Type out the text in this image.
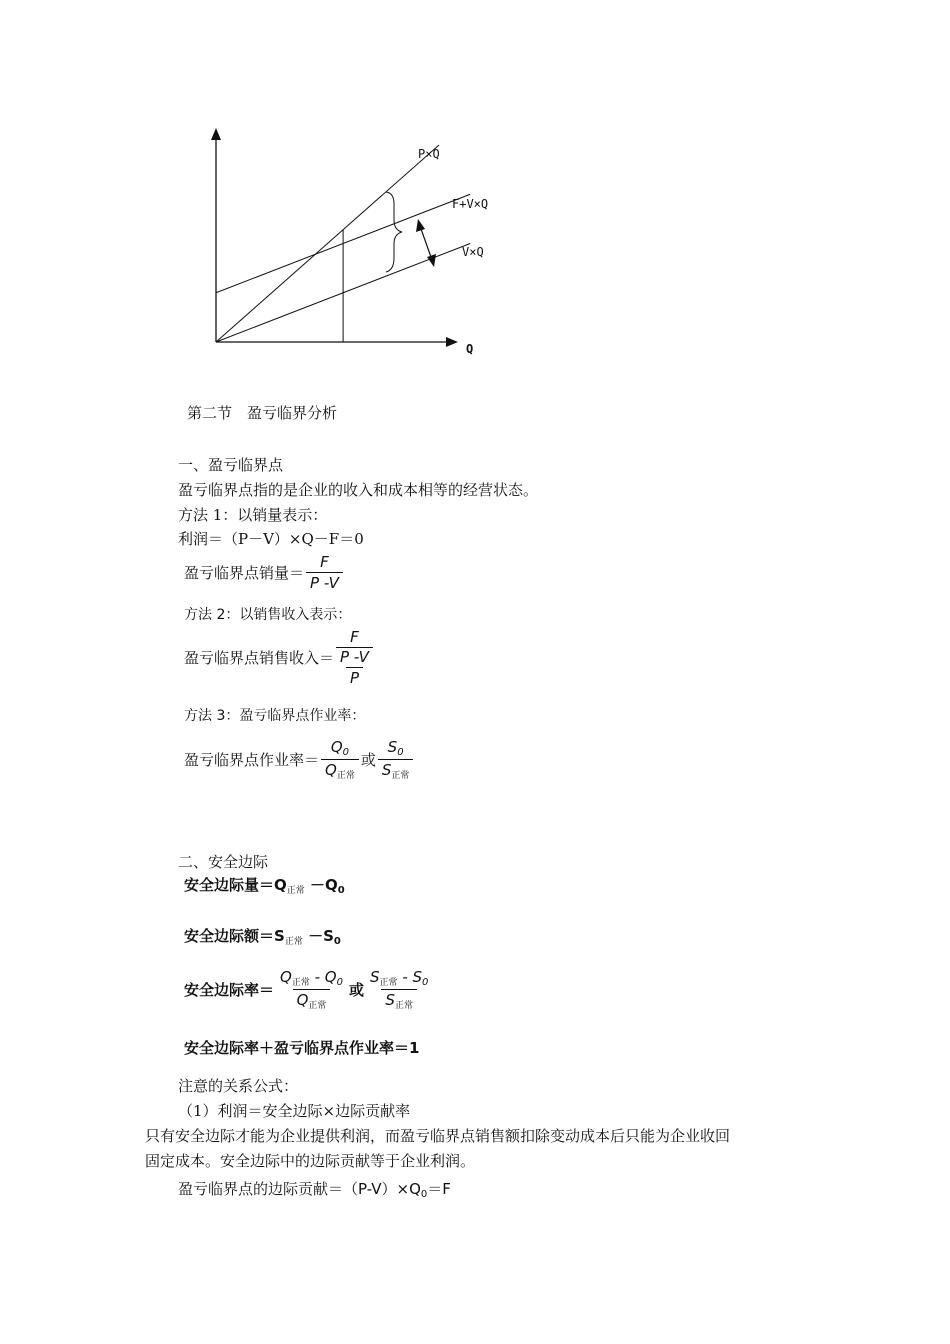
P×Q
F+V×Q
V×Q
Q
第二节　盈亏临界分析
一、盈亏临界点
盈亏临界点指的是企业的收入和成本相等的经营状态。
方法 1：以销量表示：
利润＝（P－V）×Q－F＝0
盈亏临界点销量＝ $\frac{F}{P -V}$
方法 2：以销售收入表示：
盈亏临界点销售收入＝ $\frac{F}{\frac{P -V}{P}}$
方法 3：盈亏临界点作业率：
盈亏临界点作业率＝ $\frac{Q_0}{Q_{正常}}$ 或 $\frac{S_0}{S_{正常}}$
二、安全边际
安全边际量$=Q_{正常} -Q_0$
安全边际额$=S_{正常} -S_0$
安全边际率＝ $\frac{Q_{正常} - Q_0}{Q_{正常}}$ 或 $\frac{S_{正常} - S_0}{S_{正常}}$
安全边际率＋盈亏临界点作业率＝1
注意的关系公式：
（1）利润＝安全边际×边际贡献率
只有安全边际才能为企业提供利润，而盈亏临界点销售额扣除变动成本后只能为企业收回
固定成本。安全边际中的边际贡献等于企业利润。
盈亏临界点的边际贡献$=(P-V)\times Q_0=F$
